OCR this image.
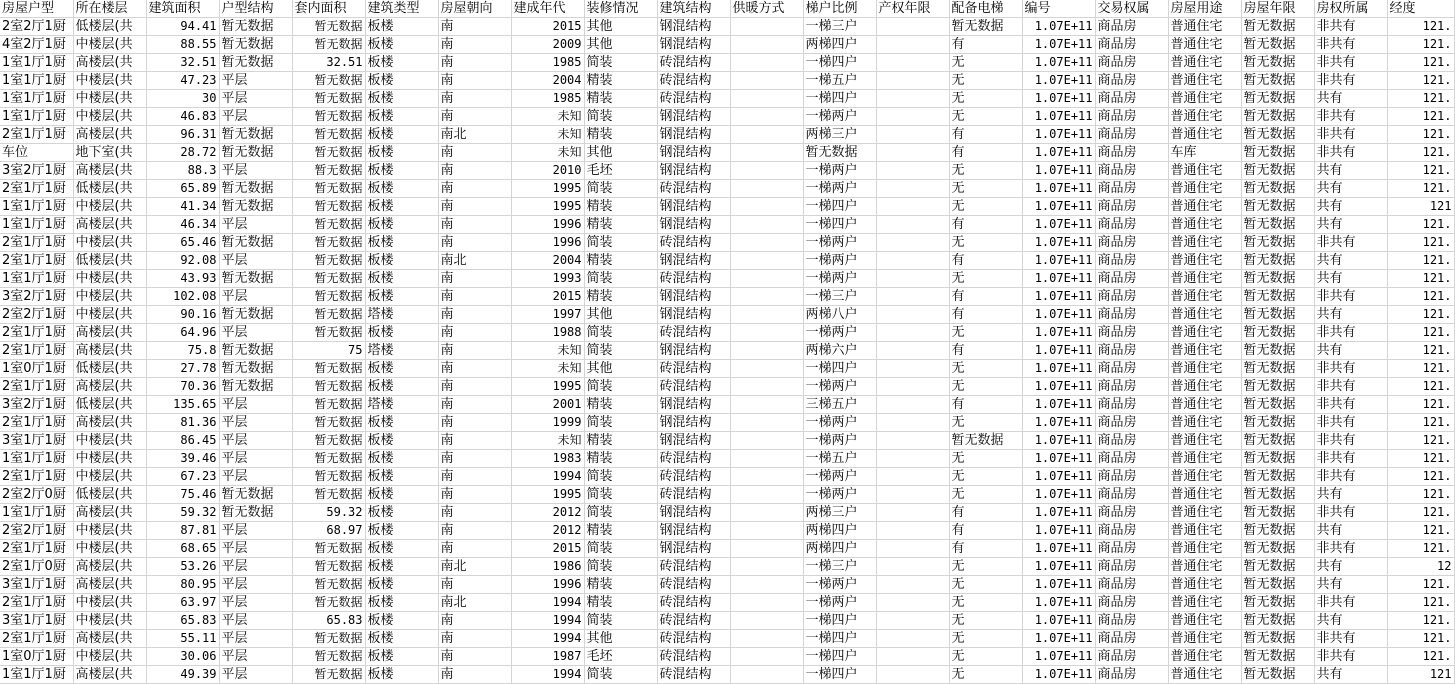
房屋户型	所在楼层	建筑面积	户型结构	套内面积	建筑类型	房屋朝向	建成年代	装修情况	建筑结构	供暖方式	梯户比例	产权年限	配备电梯	编号	交易权属	房屋用途	房屋年限	房权所属	经度
2室2厅1厨	低楼层(共	94.41	暂无数据	暂无数据	板楼	南	2015	其他	钢混结构		一梯三户		暂无数据	1.07E+11	商品房	普通住宅	暂无数据	非共有	121.
4室2厅1厨	中楼层(共	88.55	暂无数据	暂无数据	板楼	南	2009	其他	钢混结构		两梯四户		有	1.07E+11	商品房	普通住宅	暂无数据	非共有	121.
1室1厅1厨	高楼层(共	32.51	暂无数据	32.51	板楼	南	1985	简装	砖混结构		一梯四户		无	1.07E+11	商品房	普通住宅	暂无数据	非共有	121.
1室1厅1厨	中楼层(共	47.23	平层	暂无数据	板楼	南	2004	精装	砖混结构		一梯五户		无	1.07E+11	商品房	普通住宅	暂无数据	非共有	121.
1室1厅1厨	中楼层(共	30	平层	暂无数据	板楼	南	1985	精装	砖混结构		一梯四户		无	1.07E+11	商品房	普通住宅	暂无数据	共有	121.
1室1厅1厨	中楼层(共	46.83	平层	暂无数据	板楼	南	未知	简装	钢混结构		一梯两户		无	1.07E+11	商品房	普通住宅	暂无数据	非共有	121.
2室1厅1厨	高楼层(共	96.31	暂无数据	暂无数据	板楼	南北	未知	精装	钢混结构		两梯三户		有	1.07E+11	商品房	普通住宅	暂无数据	非共有	121.
车位	地下室(共	28.72	暂无数据	暂无数据	板楼	南	未知	其他	钢混结构		暂无数据		有	1.07E+11	商品房	车库	暂无数据	非共有	121.
3室2厅1厨	高楼层(共	88.3	平层	暂无数据	板楼	南	2010	毛坯	钢混结构		一梯两户		无	1.07E+11	商品房	普通住宅	暂无数据	共有	121.
2室1厅1厨	低楼层(共	65.89	暂无数据	暂无数据	板楼	南	1995	简装	砖混结构		一梯两户		无	1.07E+11	商品房	普通住宅	暂无数据	共有	121.
1室1厅1厨	中楼层(共	41.34	暂无数据	暂无数据	板楼	南	1995	精装	钢混结构		一梯四户		无	1.07E+11	商品房	普通住宅	暂无数据	共有	121
1室1厅1厨	高楼层(共	46.34	平层	暂无数据	板楼	南	1996	精装	钢混结构		一梯四户		有	1.07E+11	商品房	普通住宅	暂无数据	共有	121.
2室1厅1厨	中楼层(共	65.46	暂无数据	暂无数据	板楼	南	1996	简装	砖混结构		一梯两户		无	1.07E+11	商品房	普通住宅	暂无数据	非共有	121.
2室1厅1厨	低楼层(共	92.08	平层	暂无数据	板楼	南北	2004	精装	钢混结构		一梯两户		有	1.07E+11	商品房	普通住宅	暂无数据	共有	121.
1室1厅1厨	中楼层(共	43.93	暂无数据	暂无数据	板楼	南	1993	简装	砖混结构		一梯两户		无	1.07E+11	商品房	普通住宅	暂无数据	共有	121.
3室2厅1厨	中楼层(共	102.08	平层	暂无数据	板楼	南	2015	精装	钢混结构		一梯三户		有	1.07E+11	商品房	普通住宅	暂无数据	非共有	121.
2室2厅1厨	中楼层(共	90.16	暂无数据	暂无数据	塔楼	南	1997	其他	钢混结构		两梯八户		有	1.07E+11	商品房	普通住宅	暂无数据	共有	121.
2室1厅1厨	高楼层(共	64.96	平层	暂无数据	板楼	南	1988	简装	砖混结构		一梯两户		无	1.07E+11	商品房	普通住宅	暂无数据	非共有	121.
2室1厅1厨	高楼层(共	75.8	暂无数据	75	塔楼	南	未知	简装	钢混结构		两梯六户		有	1.07E+11	商品房	普通住宅	暂无数据	共有	121.
1室0厅1厨	低楼层(共	27.78	暂无数据	暂无数据	板楼	南	未知	其他	砖混结构		一梯四户		无	1.07E+11	商品房	普通住宅	暂无数据	非共有	121.
2室1厅1厨	高楼层(共	70.36	暂无数据	暂无数据	板楼	南	1995	简装	砖混结构		一梯两户		无	1.07E+11	商品房	普通住宅	暂无数据	非共有	121.
3室2厅1厨	低楼层(共	135.65	平层	暂无数据	塔楼	南	2001	精装	钢混结构		三梯五户		有	1.07E+11	商品房	普通住宅	暂无数据	非共有	121.
2室1厅1厨	高楼层(共	81.36	平层	暂无数据	板楼	南	1999	简装	钢混结构		一梯两户		无	1.07E+11	商品房	普通住宅	暂无数据	非共有	121.
3室1厅1厨	中楼层(共	86.45	平层	暂无数据	板楼	南	未知	精装	钢混结构		一梯两户		暂无数据	1.07E+11	商品房	普通住宅	暂无数据	非共有	121.
1室1厅1厨	中楼层(共	39.46	平层	暂无数据	板楼	南	1983	精装	砖混结构		一梯五户		无	1.07E+11	商品房	普通住宅	暂无数据	非共有	121.
2室1厅1厨	中楼层(共	67.23	平层	暂无数据	板楼	南	1994	简装	砖混结构		一梯两户		无	1.07E+11	商品房	普通住宅	暂无数据	非共有	121.
2室2厅0厨	低楼层(共	75.46	暂无数据	暂无数据	板楼	南	1995	简装	砖混结构		一梯两户		无	1.07E+11	商品房	普通住宅	暂无数据	共有	121.
1室1厅1厨	高楼层(共	59.32	暂无数据	59.32	板楼	南	2012	简装	钢混结构		两梯三户		有	1.07E+11	商品房	普通住宅	暂无数据	非共有	121.
2室2厅1厨	中楼层(共	87.81	平层	68.97	板楼	南	2012	精装	钢混结构		两梯四户		有	1.07E+11	商品房	普通住宅	暂无数据	共有	121.
2室1厅1厨	中楼层(共	68.65	平层	暂无数据	板楼	南	2015	简装	钢混结构		两梯四户		有	1.07E+11	商品房	普通住宅	暂无数据	非共有	121.
2室1厅0厨	高楼层(共	53.26	平层	暂无数据	板楼	南北	1986	简装	砖混结构		一梯三户		无	1.07E+11	商品房	普通住宅	暂无数据	共有	12
3室1厅1厨	高楼层(共	80.95	平层	暂无数据	板楼	南	1996	精装	砖混结构		一梯两户		无	1.07E+11	商品房	普通住宅	暂无数据	共有	121.
2室1厅1厨	中楼层(共	63.97	平层	暂无数据	板楼	南北	1994	精装	砖混结构		一梯两户		无	1.07E+11	商品房	普通住宅	暂无数据	非共有	121.
3室1厅1厨	中楼层(共	65.83	平层	65.83	板楼	南	1994	简装	砖混结构		一梯四户		无	1.07E+11	商品房	普通住宅	暂无数据	共有	121.
2室1厅1厨	高楼层(共	55.11	平层	暂无数据	板楼	南	1994	其他	砖混结构		一梯四户		无	1.07E+11	商品房	普通住宅	暂无数据	非共有	121.
1室0厅1厨	中楼层(共	30.06	平层	暂无数据	板楼	南	1987	毛坯	砖混结构		一梯四户		无	1.07E+11	商品房	普通住宅	暂无数据	非共有	121.
1室1厅1厨	高楼层(共	49.39	平层	暂无数据	板楼	南	1994	简装	砖混结构		一梯四户		无	1.07E+11	商品房	普通住宅	暂无数据	共有	121
